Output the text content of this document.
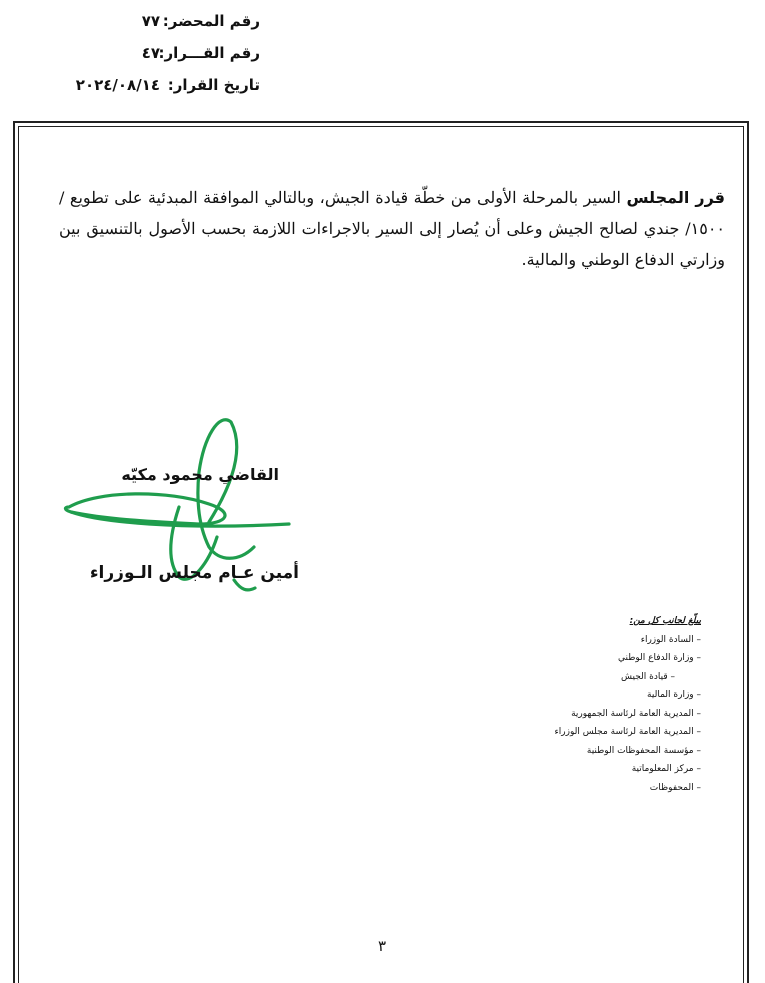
رقم المحضر:
٧٧
رقم القـــرار:
٤٧
تاريخ القرار:
٢٠٢٤/٠٨/١٤
قرر المجلس السير بالمرحلة الأولى من خطّة قيادة الجيش، وبالتالي الموافقة المبدئية على تطويع /١٥٠٠/ جندي لصالح الجيش وعلى أن يُصار إلى السير بالاجراءات اللازمة بحسب الأصول بالتنسيق بين وزارتي الدفاع الوطني والمالية.
القاضي محمود مكيّه
أمين عـام مجلس الـوزراء
يبلّغ لجانب كل من:
– السادة الوزراء
– وزارة الدفاع الوطني
– قيادة الجيش
– وزارة المالية
– المديرية العامة لرئاسة الجمهورية
– المديرية العامة لرئاسة مجلس الوزراء
– مؤسسة المحفوظات الوطنية
– مركز المعلوماتية
– المحفوظات
٣
